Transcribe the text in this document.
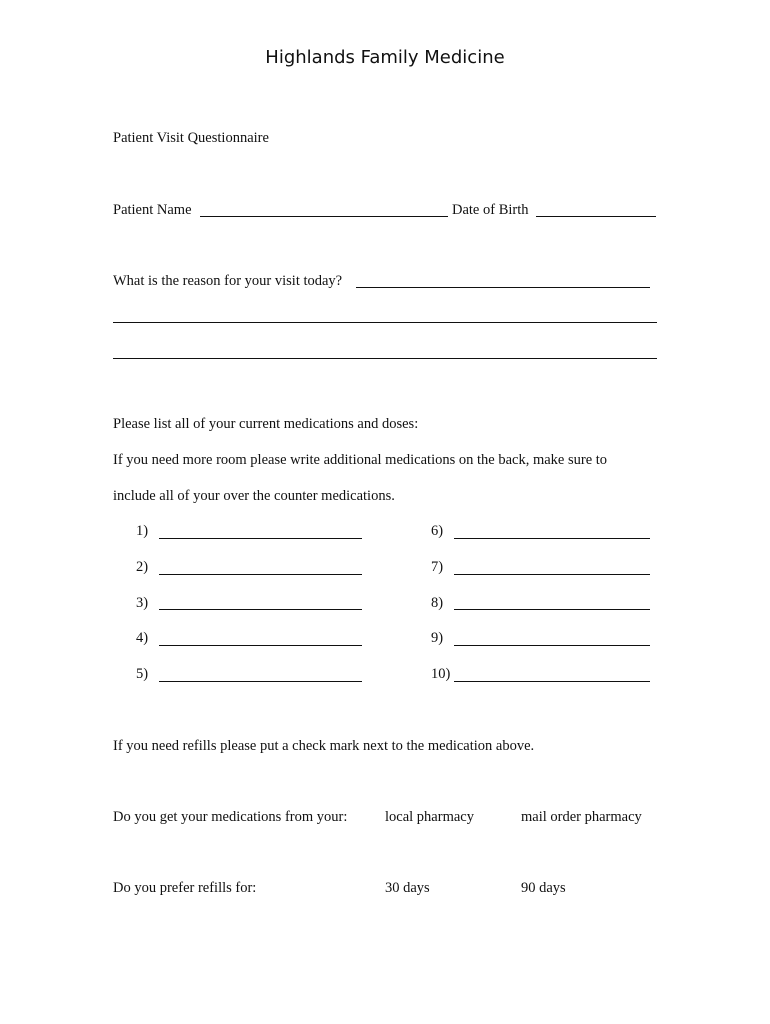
Highlands Family Medicine
Patient Visit Questionnaire
Patient Name	Date of Birth
What is the reason for your visit today?
Please list all of your current medications and doses:
If you need more room please write additional medications on the back, make sure to
include all of your over the counter medications.
1)
2)
3)
4)
5)
6)
7)
8)
9)
10)
If you need refills please put a check mark next to the medication above.
Do you get your medications from your:	local pharmacy	mail order pharmacy
Do you prefer refills for:	30 days	90 days
